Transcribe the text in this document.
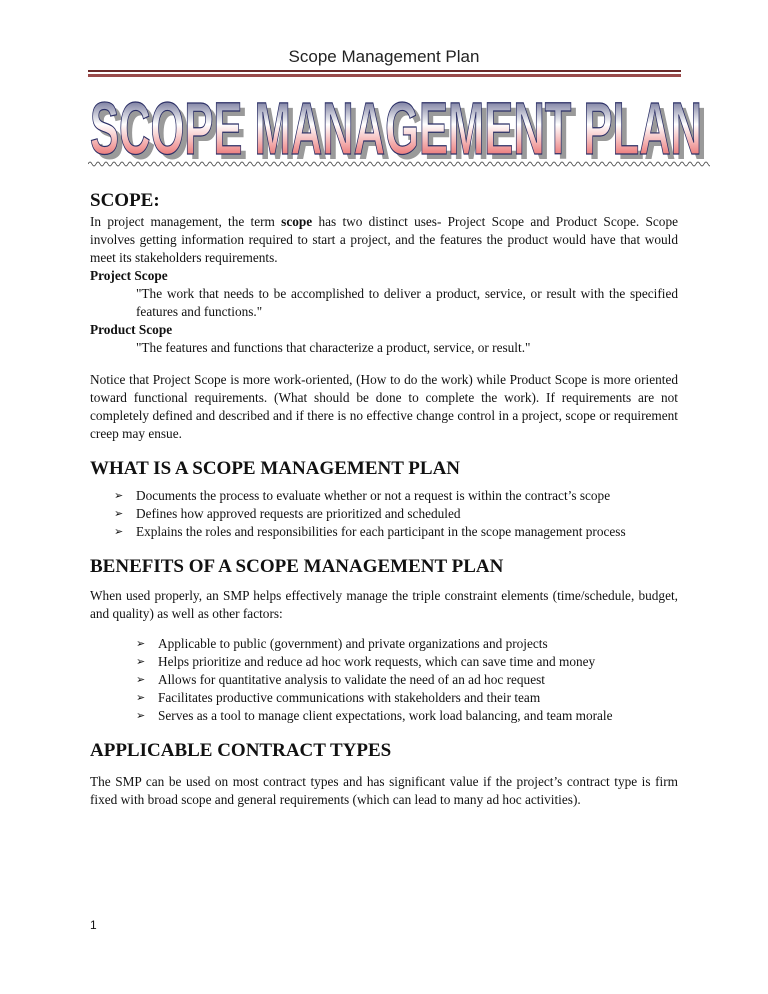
Scope Management Plan
SCOPE MANAGEMENT PLAN
SCOPE MANAGEMENT PLAN
SCOPE:

In project management, the term scope has two distinct uses- Project Scope and Product Scope. Scope involves getting information required to start a project, and the features the product would have that would meet its stakeholders requirements.

Project Scope

"The work that needs to be accomplished to deliver a product, service, or result with the specified features and functions."

Product Scope

"The features and functions that characterize a product, service, or result."

Notice that Project Scope is more work-oriented, (How to do the work) while Product Scope is more oriented toward functional requirements. (What should be done to complete the work). If requirements are not completely defined and described and if there is no effective change control in a project, scope or requirement creep may ensue.

WHAT IS A SCOPE MANAGEMENT PLAN
➢ Documents the process to evaluate whether or not a request is within the contract’s scope
➢ Defines how approved requests are prioritized and scheduled
➢ Explains the roles and responsibilities for each participant in the scope management process
BENEFITS OF A SCOPE MANAGEMENT PLAN

When used properly, an SMP helps effectively manage the triple constraint elements (time/schedule, budget, and quality) as well as other factors:

➢ Applicable to public (government) and private organizations and projects
➢ Helps prioritize and reduce ad hoc work requests, which can save time and money
➢ Allows for quantitative analysis to validate the need of an ad hoc request
➢ Facilitates productive communications with stakeholders and their team
➢ Serves as a tool to manage client expectations, work load balancing, and team morale
APPLICABLE CONTRACT TYPES

The SMP can be used on most contract types and has significant value if the project’s contract type is firm fixed with broad scope and general requirements (which can lead to many ad hoc activities).

1
